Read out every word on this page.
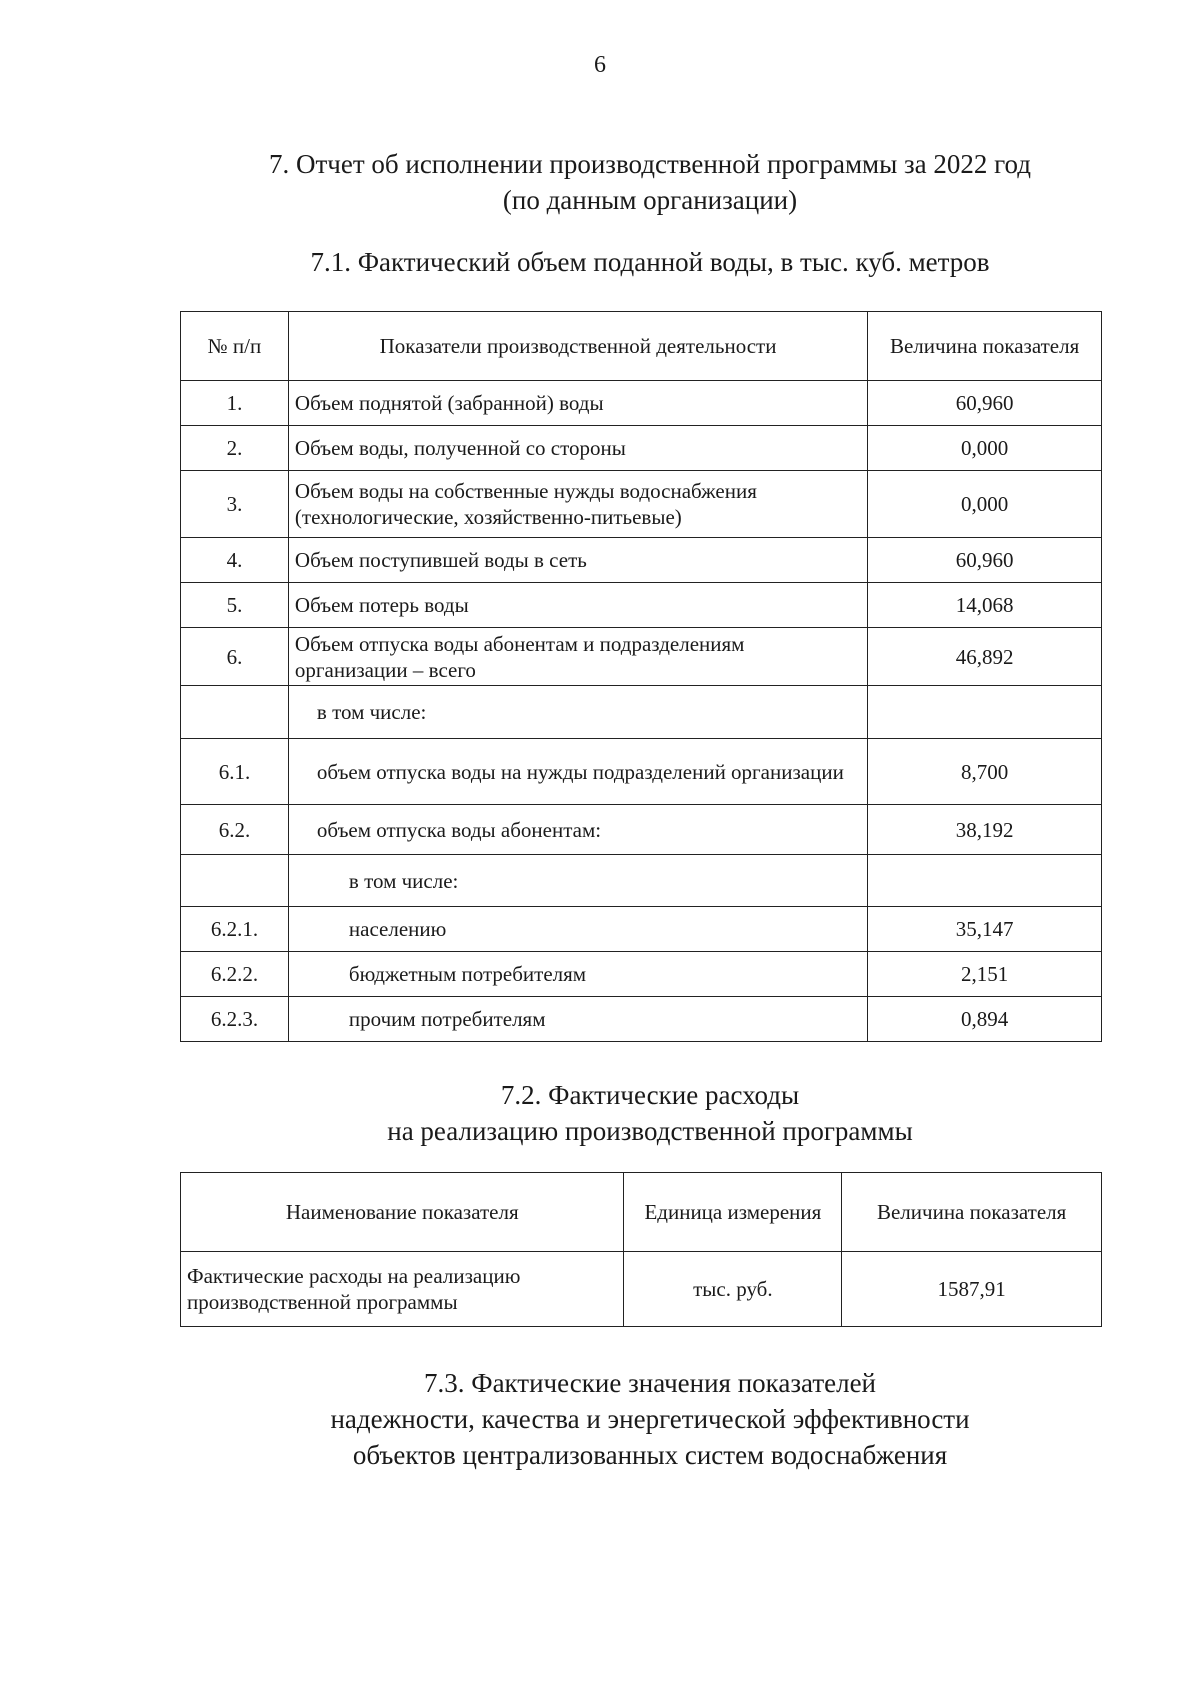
6
7. Отчет об исполнении производственной программы за 2022 год
(по данным организации)
7.1. Фактический объем поданной воды, в тыс. куб. метров
№ п/п	Показатели производственной деятельности	Величина показателя
1.	Объем поднятой (забранной) воды	60,960
2.	Объем воды, полученной со стороны	0,000
3.	Объем воды на собственные нужды водоснабжения (технологические, хозяйственно-питьевые)	0,000
4.	Объем поступившей воды в сеть	60,960
5.	Объем потерь воды	14,068
6.	Объем отпуска воды абонентам и подразделениям организации – всего	46,892
	в том числе:	
6.1.	объем отпуска воды на нужды подразделений организации	8,700
6.2.	объем отпуска воды абонентам:	38,192
	в том числе:	
6.2.1.	населению	35,147
6.2.2.	бюджетным потребителям	2,151
6.2.3.	прочим потребителям	0,894
7.2. Фактические расходы
на реализацию производственной программы
Наименование показателя	Единица измерения	Величина показателя
Фактические расходы на реализацию производственной программы	тыс. руб.	1587,91
7.3. Фактические значения показателей
надежности, качества и энергетической эффективности
объектов централизованных систем водоснабжения
